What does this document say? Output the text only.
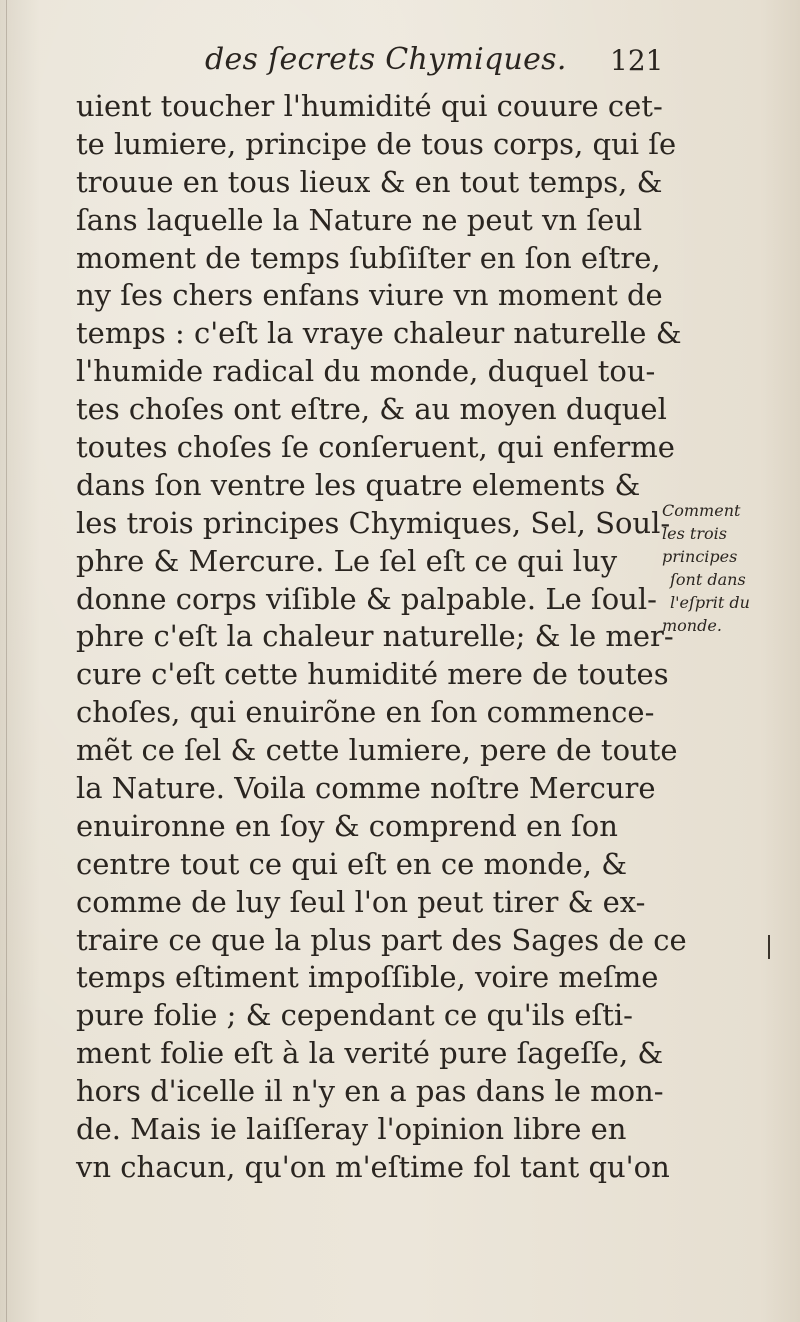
des ſecrets Chymiques. 121
uient toucher l'humidité qui couure cet-
te lumiere, principe de tous corps, qui ſe
trouue en tous lieux & en tout temps, &
ſans laquelle la Nature ne peut vn ſeul
moment de temps ſubſiſter en ſon eſtre,
ny ſes chers enfans viure vn moment de
temps : c'eſt la vraye chaleur naturelle &
l'humide radical du monde, duquel tou-
tes choſes ont eſtre, & au moyen duquel
toutes choſes ſe conſeruent, qui enferme
dans ſon ventre les quatre elements &
les trois principes Chymiques, Sel, Soul-
phre & Mercure. Le ſel eſt ce qui luy
donne corps viſible & palpable. Le ſoul-
phre c'eſt la chaleur naturelle; & le mer-
cure c'eſt cette humidité mere de toutes
choſes, qui enuirõne en ſon commence-
mẽt ce ſel & cette lumiere, pere de toute
la Nature. Voila comme noſtre Mercure
enuironne en ſoy & comprend en ſon
centre tout ce qui eſt en ce monde, &
comme de luy ſeul l'on peut tirer & ex-
traire ce que la plus part des Sages de ce
temps eſtiment impoſſible, voire meſme
pure folie ; & cependant ce qu'ils eſti-
ment folie eſt à la verité pure ſageſſe, &
hors d'icelle il n'y en a pas dans le mon-
de. Mais ie laiſſeray l'opinion libre en
vn chacun, qu'on m'eſtime fol tant qu'on
Comment
les trois
principes
ſont dans
l'eſprit du
monde.
